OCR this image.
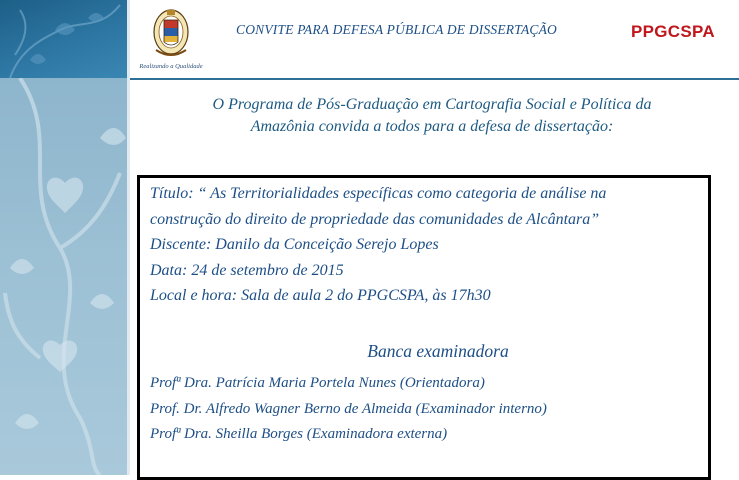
Realizando a Qualidade
CONVITE PARA DEFESA PÚBLICA DE DISSERTAÇÃO	PPGCSPA
O Programa de Pós-Graduação em Cartografia Social e Política da
Amazônia convida a todos para a defesa de dissertação:

Título: “ As Territorialidades específicas como categoria de análise na

construção do direito de propriedade das comunidades de Alcântara”

Discente: Danilo da Conceição Serejo Lopes

Data: 24 de setembro de 2015

Local e hora: Sala de aula 2 do PPGCSPA, às 17h30

Banca examinadora

Profª Dra. Patrícia Maria Portela Nunes (Orientadora)

Prof. Dr. Alfredo Wagner Berno de Almeida (Examinador interno)

Profª Dra. Sheilla Borges (Examinadora externa)
